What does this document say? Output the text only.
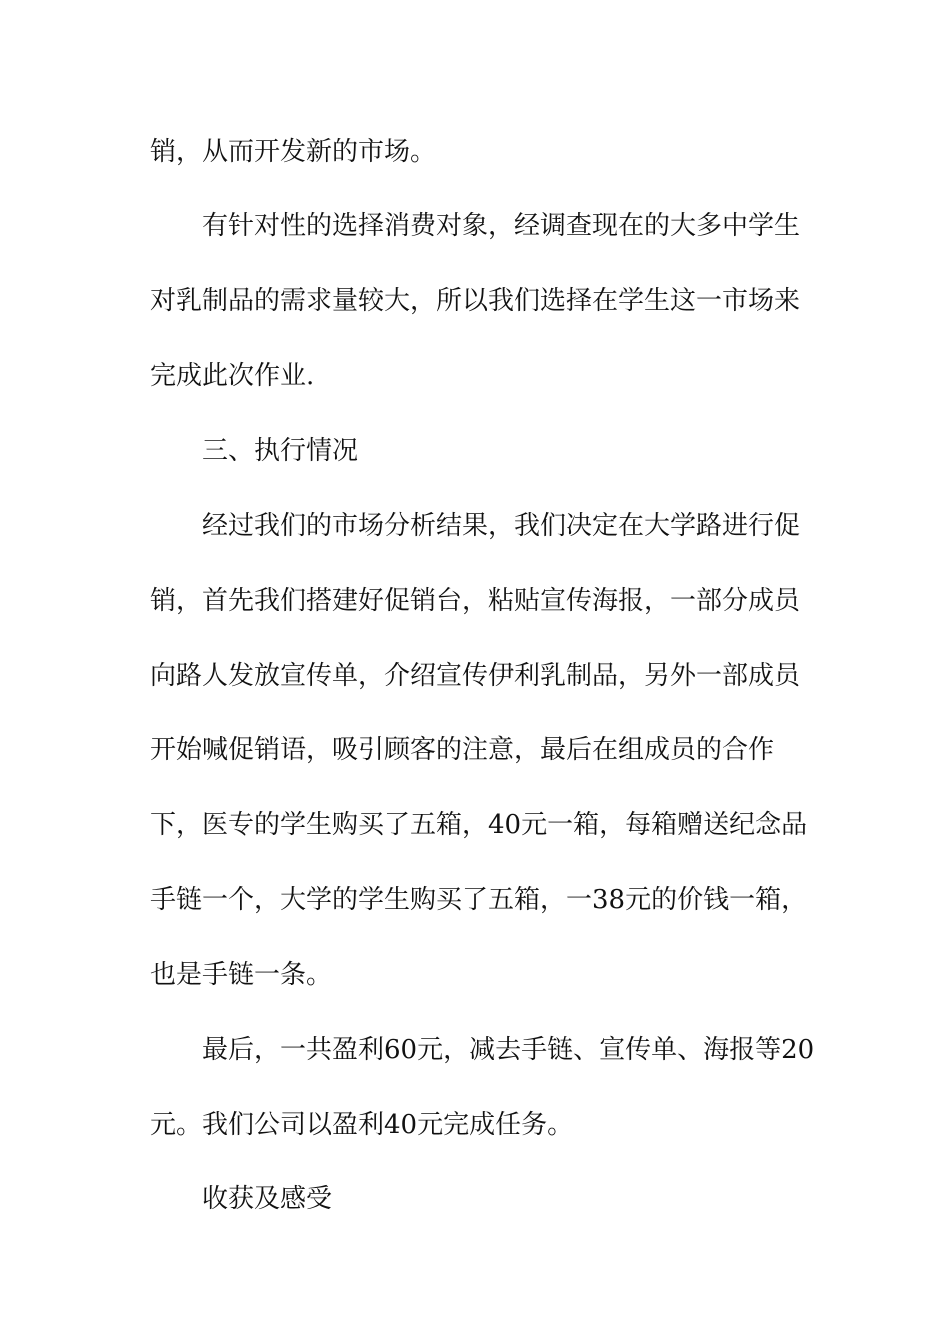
销，从而开发新的市场。
有针对性的选择消费对象，经调查现在的大多中学生
对乳制品的需求量较大，所以我们选择在学生这一市场来
完成此次作业.
三、执行情况
经过我们的市场分析结果，我们决定在大学路进行促
销，首先我们搭建好促销台，粘贴宣传海报，一部分成员
向路人发放宣传单，介绍宣传伊利乳制品，另外一部成员
开始喊促销语，吸引顾客的注意，最后在组成员的合作
下，医专的学生购买了五箱，40元一箱，每箱赠送纪念品
手链一个，大学的学生购买了五箱，一38元的价钱一箱，
也是手链一条。
最后，一共盈利60元，减去手链、宣传单、海报等20
元。我们公司以盈利40元完成任务。
收获及感受
